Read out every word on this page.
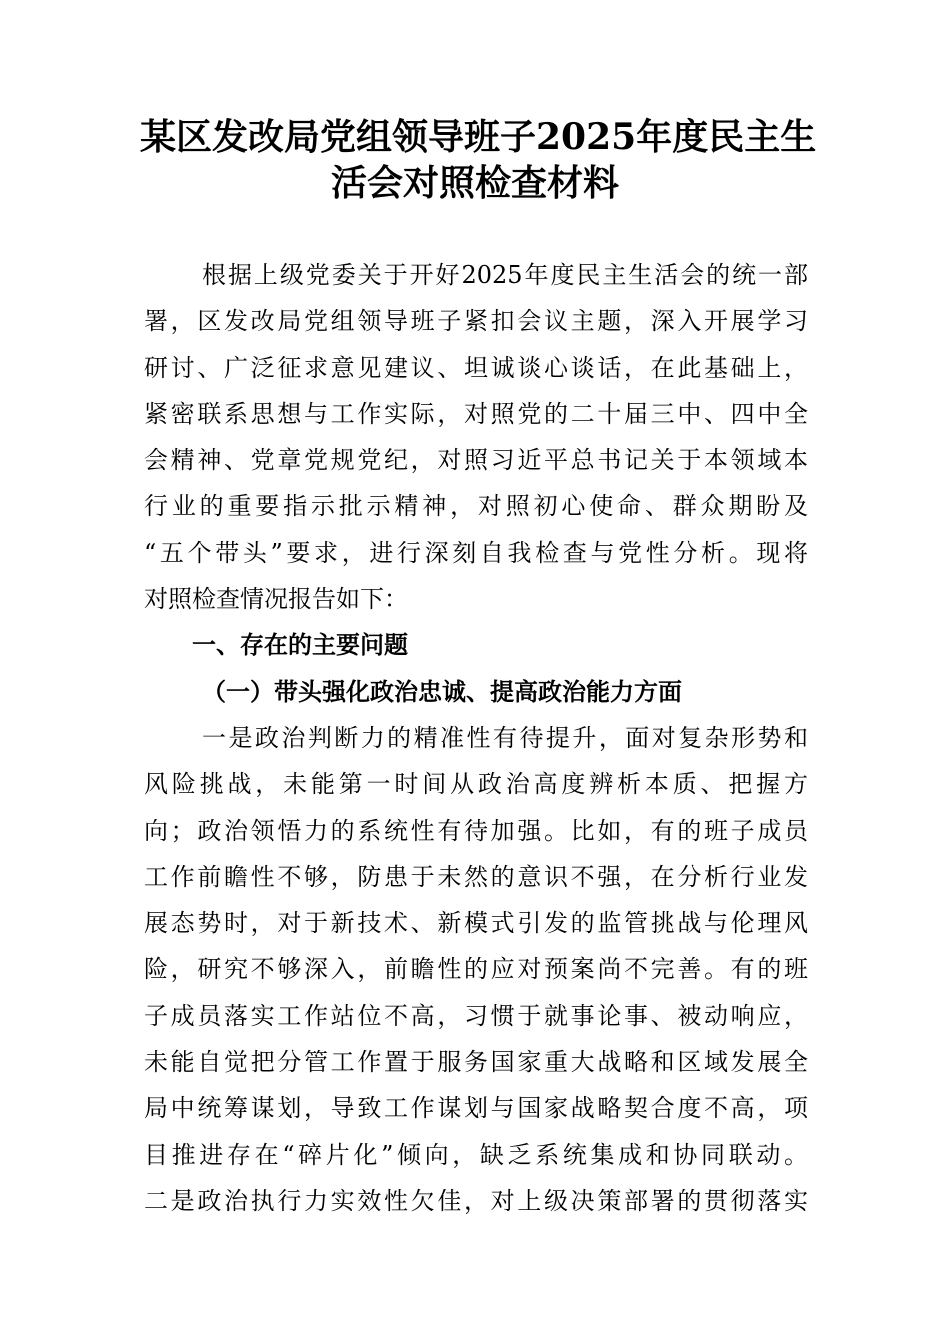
某区发改局党组领导班子2025年度民主生
活会对照检查材料

根据上级党委关于开好2025年度民主生活会的统一部
署，区发改局党组领导班子紧扣会议主题，深入开展学习
研讨、广泛征求意见建议、坦诚谈心谈话，在此基础上，
紧密联系思想与工作实际，对照党的二十届三中、四中全
会精神、党章党规党纪，对照习近平总书记关于本领域本
行业的重要指示批示精神，对照初心使命、群众期盼及
“五个带头”要求，进行深刻自我检查与党性分析。现将
对照检查情况报告如下：

一、存在的主要问题

（一）带头强化政治忠诚、提高政治能力方面

一是政治判断力的精准性有待提升，面对复杂形势和
风险挑战，未能第一时间从政治高度辨析本质、把握方
向；政治领悟力的系统性有待加强。比如，有的班子成员
工作前瞻性不够，防患于未然的意识不强，在分析行业发
展态势时，对于新技术、新模式引发的监管挑战与伦理风
险，研究不够深入，前瞻性的应对预案尚不完善。有的班
子成员落实工作站位不高，习惯于就事论事、被动响应，
未能自觉把分管工作置于服务国家重大战略和区域发展全
局中统筹谋划，导致工作谋划与国家战略契合度不高，项
目推进存在“碎片化”倾向，缺乏系统集成和协同联动。
二是政治执行力实效性欠佳，对上级决策部署的贯彻落实
